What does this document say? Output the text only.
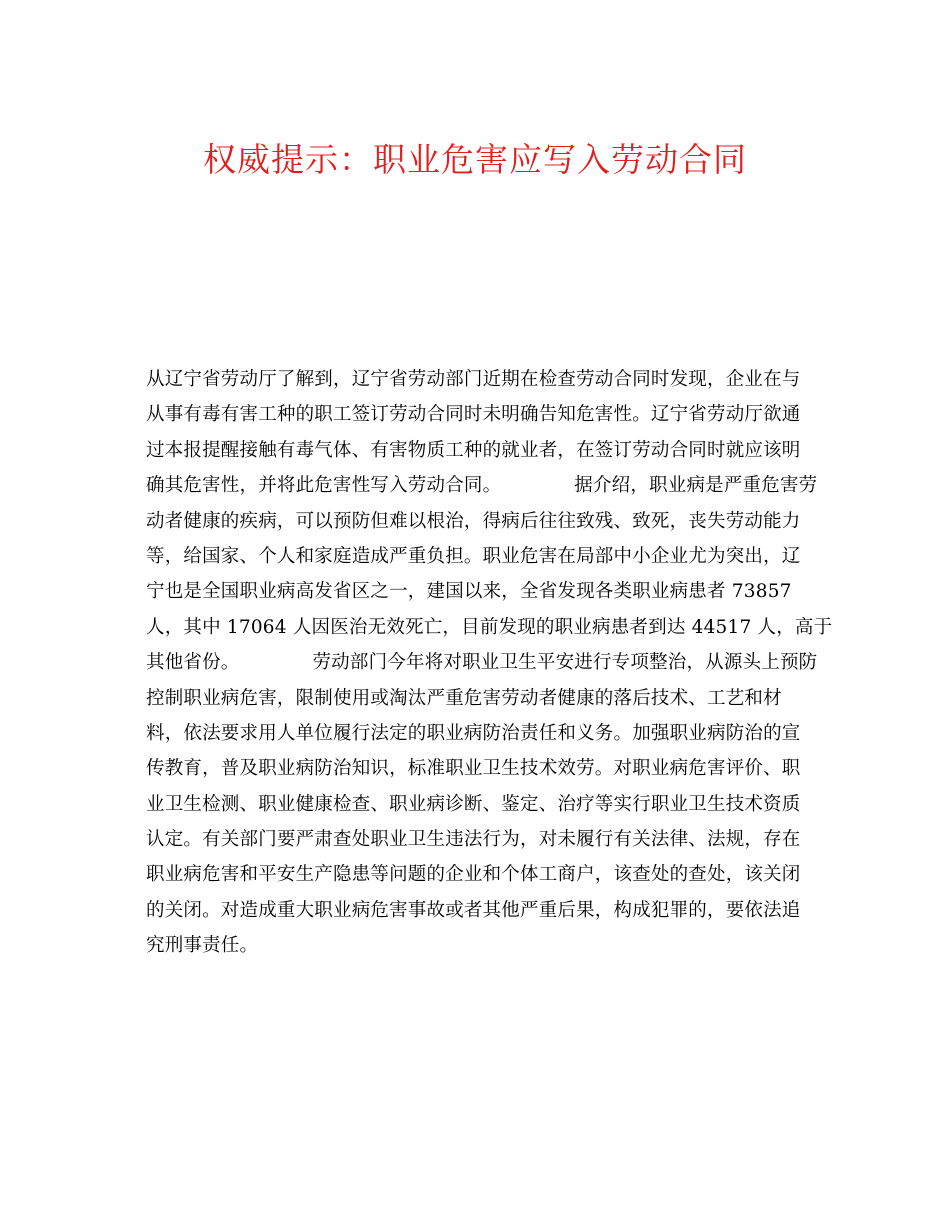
权威提示：职业危害应写入劳动合同
从辽宁省劳动厅了解到，辽宁省劳动部门近期在检查劳动合同时发现，企业在与
从事有毒有害工种的职工签订劳动合同时未明确告知危害性。辽宁省劳动厅欲通
过本报提醒接触有毒气体、有害物质工种的就业者，在签订劳动合同时就应该明
确其危害性，并将此危害性写入劳动合同。            据介绍，职业病是严重危害劳
动者健康的疾病，可以预防但难以根治，得病后往往致残、致死，丧失劳动能力
等，给国家、个人和家庭造成严重负担。职业危害在局部中小企业尤为突出，辽
宁也是全国职业病高发省区之一，建国以来，全省发现各类职业病患者 73857
人，其中 17064 人因医治无效死亡，目前发现的职业病患者到达 44517 人，高于
其他省份。            劳动部门今年将对职业卫生平安进行专项整治，从源头上预防
控制职业病危害，限制使用或淘汰严重危害劳动者健康的落后技术、工艺和材
料，依法要求用人单位履行法定的职业病防治责任和义务。加强职业病防治的宣
传教育，普及职业病防治知识，标准职业卫生技术效劳。对职业病危害评价、职
业卫生检测、职业健康检查、职业病诊断、鉴定、治疗等实行职业卫生技术资质
认定。有关部门要严肃查处职业卫生违法行为，对未履行有关法律、法规，存在
职业病危害和平安生产隐患等问题的企业和个体工商户，该查处的查处，该关闭
的关闭。对造成重大职业病危害事故或者其他严重后果，构成犯罪的，要依法追
究刑事责任。
